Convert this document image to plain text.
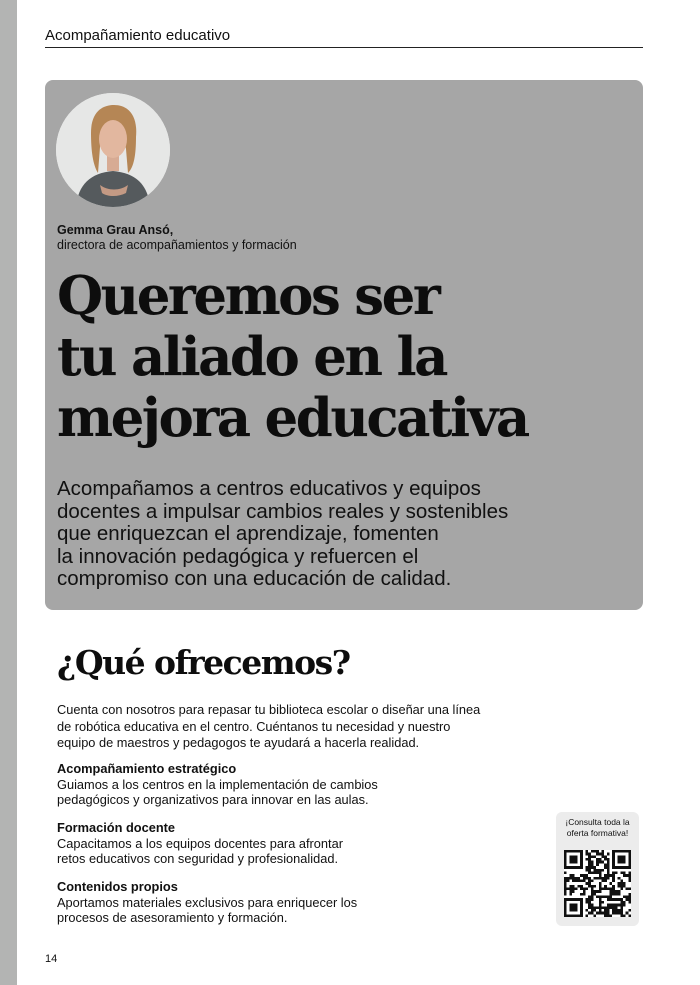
Acompañamiento educativo
Gemma Grau Ansó,
directora de acompañamientos y formación
Queremos ser
tu aliado en la
mejora educativa

Acompañamos a centros educativos y equipos
docentes a impulsar cambios reales y sostenibles
que enriquezcan el aprendizaje, fomenten
la innovación pedagógica y refuercen el
compromiso con una educación de calidad.

¿Qué ofrecemos?
Cuenta con nosotros para repasar tu biblioteca escolar o diseñar una línea
de robótica educativa en el centro. Cuéntanos tu necesidad y nuestro
equipo de maestros y pedagogos te ayudará a hacerla realidad.
Acompañamiento estratégico
Guiamos a los centros en la implementación de cambios
pedagógicos y organizativos para innovar en las aulas.
Formación docente
Capacitamos a los equipos docentes para afrontar
retos educativos con seguridad y profesionalidad.
Contenidos propios
Aportamos materiales exclusivos para enriquecer los
procesos de asesoramiento y formación.
¡Consulta toda la
oferta formativa!
14
